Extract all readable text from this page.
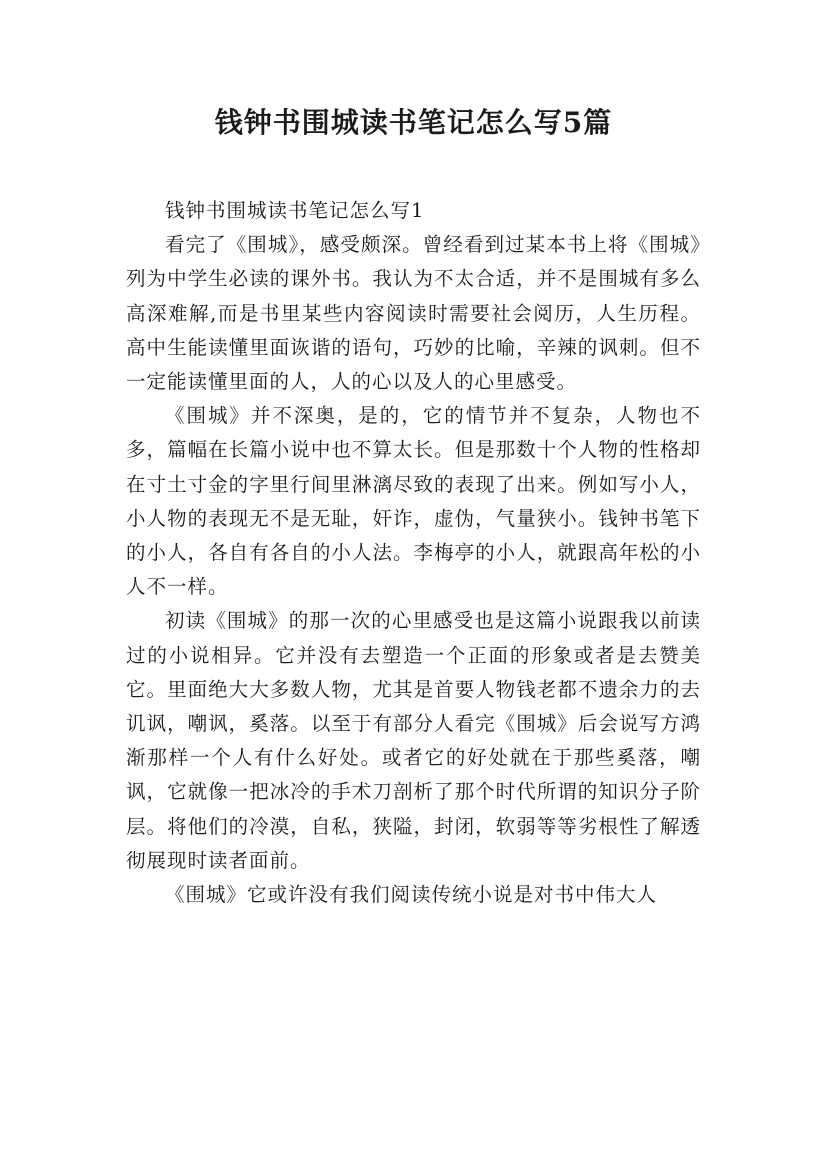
钱钟书围城读书笔记怎么写5篇

钱钟书围城读书笔记怎么写1

看完了《围城》，感受颇深。曾经看到过某本书上将《围城》列为中学生必读的课外书。我认为不太合适，并不是围城有多么高深难解,而是书里某些内容阅读时需要社会阅历，人生历程。高中生能读懂里面诙谐的语句，巧妙的比喻，辛辣的讽刺。但不一定能读懂里面的人，人的心以及人的心里感受。

《围城》并不深奥，是的，它的情节并不复杂，人物也不多，篇幅在长篇小说中也不算太长。但是那数十个人物的性格却在寸土寸金的字里行间里淋漓尽致的表现了出来。例如写小人，小人物的表现无不是无耻，奸诈，虚伪，气量狭小。钱钟书笔下的小人，各自有各自的小人法。李梅亭的小人，就跟高年松的小人不一样。

初读《围城》的那一次的心里感受也是这篇小说跟我以前读过的小说相异。它并没有去塑造一个正面的形象或者是去赞美它。里面绝大大多数人物，尤其是首要人物钱老都不遗余力的去讥讽，嘲讽，奚落。以至于有部分人看完《围城》后会说写方鸿渐那样一个人有什么好处。或者它的好处就在于那些奚落，嘲讽，它就像一把冰冷的手术刀剖析了那个时代所谓的知识分子阶层。将他们的冷漠，自私，狭隘，封闭，软弱等等劣根性了解透彻展现时读者面前。

《围城》它或许没有我们阅读传统小说是对书中伟大人
